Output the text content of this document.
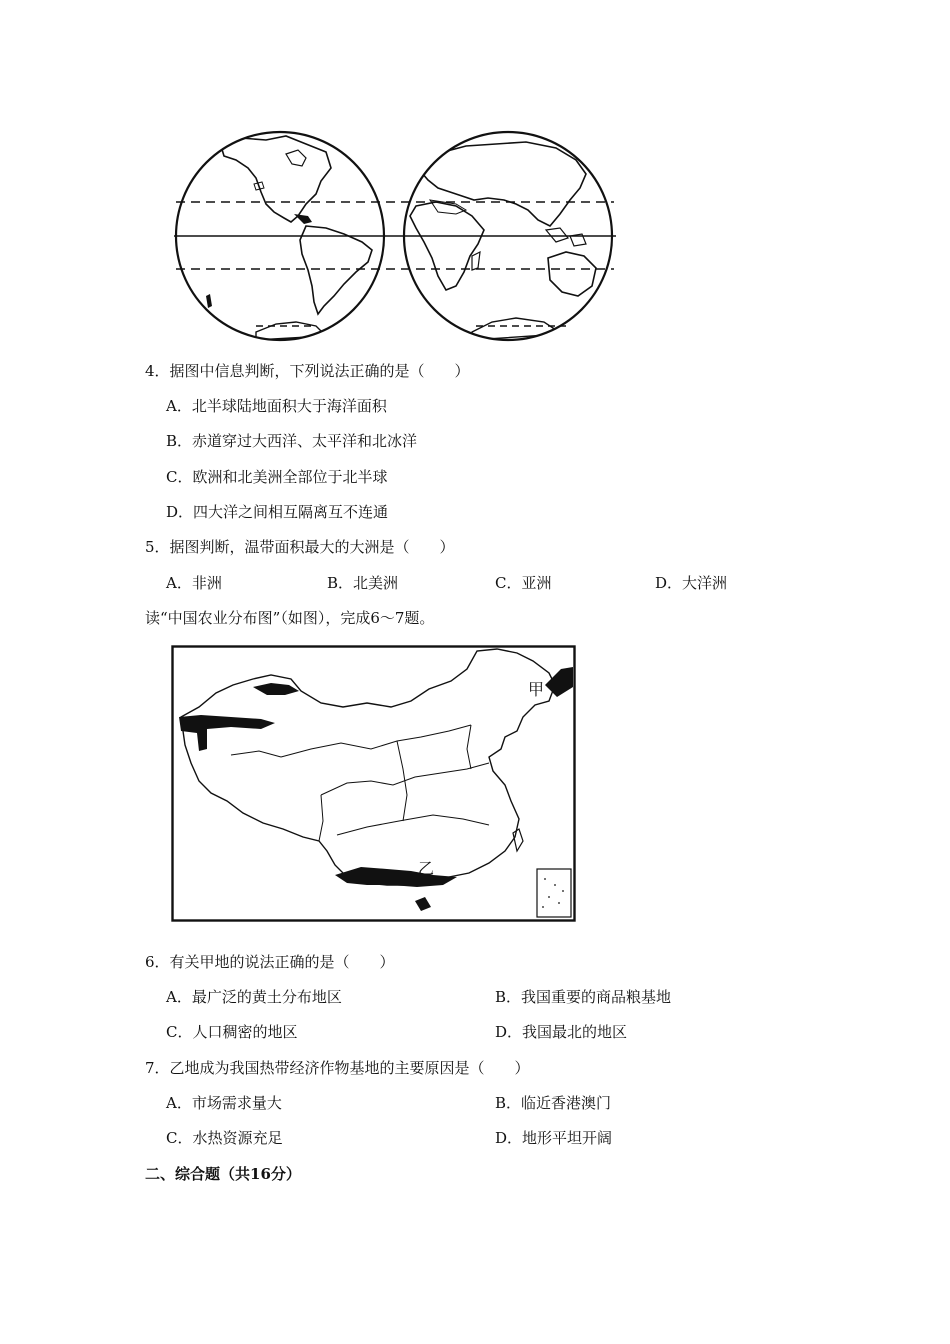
4．据图中信息判断，下列说法正确的是（　　）
A．北半球陆地面积大于海洋面积
B．赤道穿过大西洋、太平洋和北冰洋
C．欧洲和北美洲全部位于北半球
D．四大洋之间相互隔离互不连通
5．据图判断，温带面积最大的大洲是（　　）
A．非洲	B．北美洲	C．亚洲	D．大洋洲
读“中国农业分布图”（如图），完成6～7题。
甲
乙
6．有关甲地的说法正确的是（　　）
A．最广泛的黄土分布地区	B．我国重要的商品粮基地
C．人口稠密的地区	D．我国最北的地区
7．乙地成为我国热带经济作物基地的主要原因是（　　）
A．市场需求量大	B．临近香港澳门
C．水热资源充足	D．地形平坦开阔
二、综合题（共16分）
